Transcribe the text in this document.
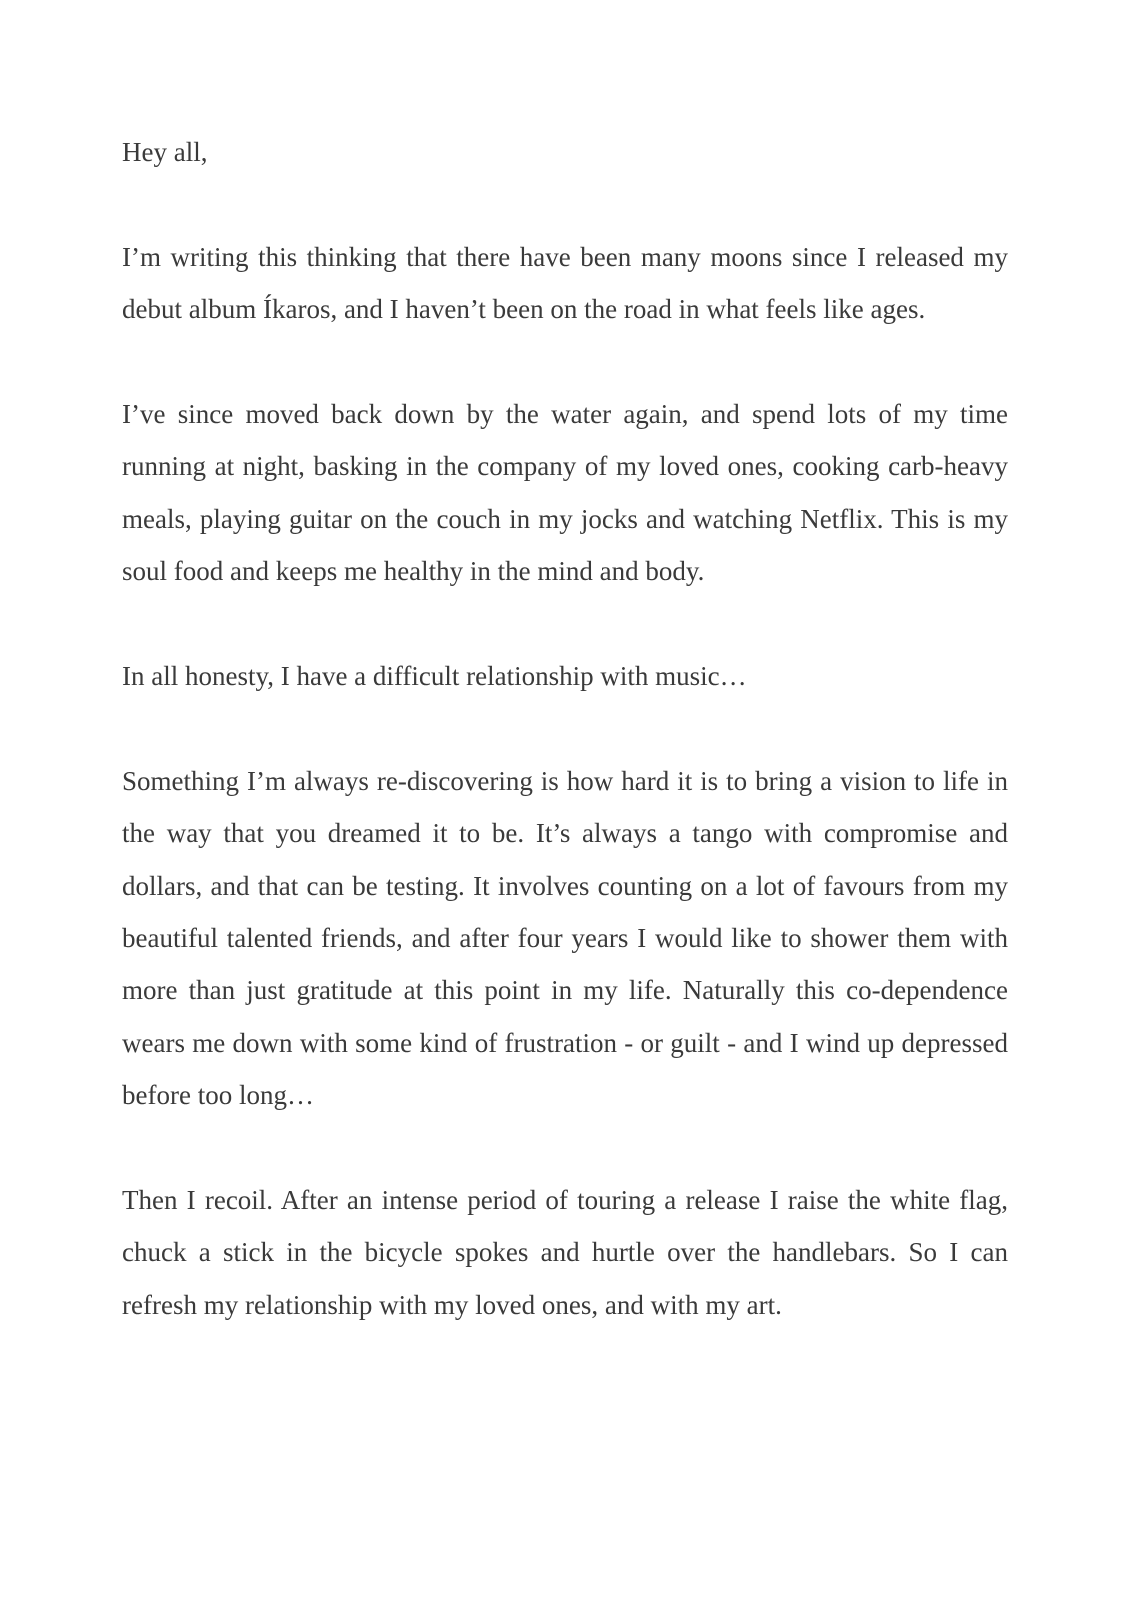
Hey all,

I’m writing this thinking that there have been many moons since I released my debut album Íkaros, and I haven’t been on the road in what feels like ages.

I’ve since moved back down by the water again, and spend lots of my time running at night, basking in the company of my loved ones, cooking carb-heavy meals, playing guitar on the couch in my jocks and watching Netflix. This is my soul food and keeps me healthy in the mind and body.

In all honesty, I have a difficult relationship with music…

Something I’m always re-discovering is how hard it is to bring a vision to life in the way that you dreamed it to be. It’s always a tango with compromise and dollars, and that can be testing. It involves counting on a lot of favours from my beautiful talented friends, and after four years I would like to shower them with more than just gratitude at this point in my life. Naturally this co-dependence wears me down with some kind of frustration - or guilt - and I wind up depressed before too long…

Then I recoil. After an intense period of touring a release I raise the white flag, chuck a stick in the bicycle spokes and hurtle over the handlebars. So I can refresh my relationship with my loved ones, and with my art.
